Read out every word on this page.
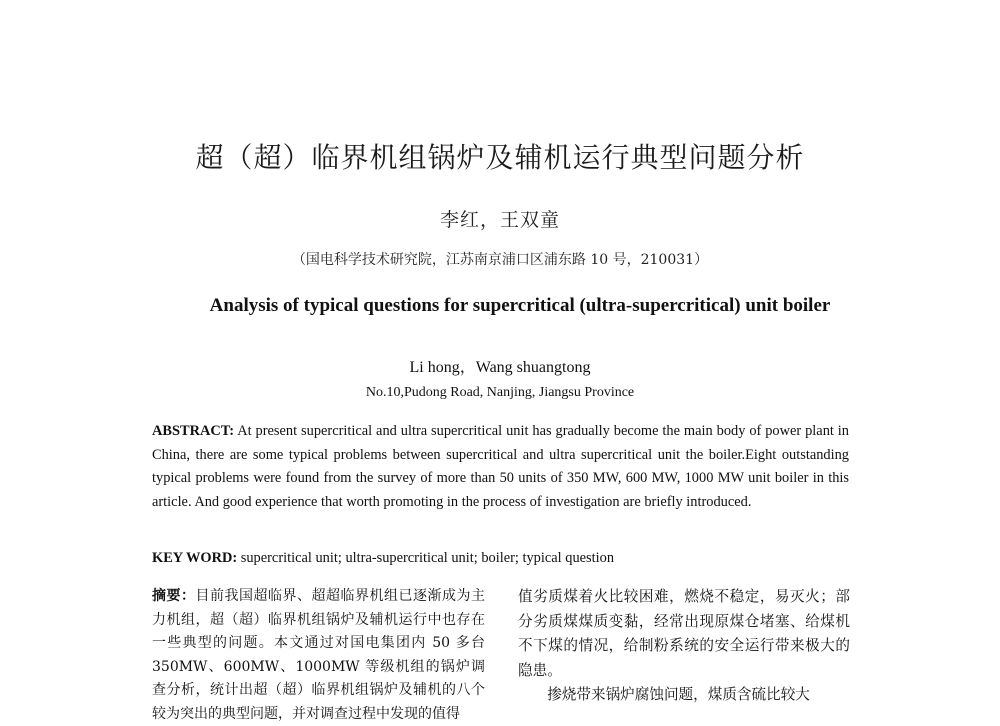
超（超）临界机组锅炉及辅机运行典型问题分析
李红，王双童
（国电科学技术研究院，江苏南京浦口区浦东路 10 号，210031）
Analysis of typical questions for supercritical (ultra-supercritical) unit boiler
Li hong，Wang shuangtong
No.10,Pudong Road, Nanjing, Jiangsu Province

ABSTRACT: At present supercritical and ultra supercritical unit has gradually become the main body of power plant in China, there are some typical problems between supercritical and ultra supercritical unit the boiler.Eight outstanding typical problems were found from the survey of more than 50 units of 350 MW, 600 MW, 1000 MW unit boiler in this article. And good experience that worth promoting in the process of investigation are briefly introduced.

KEY WORD: supercritical unit; ultra-supercritical unit; boiler; typical question

摘要：目前我国超临界、超超临界机组已逐渐成为主力机组，超（超）临界机组锅炉及辅机运行中也存在一些典型的问题。本文通过对国电集团内 50 多台 350MW、600MW、1000MW 等级机组的锅炉调查分析，统计出超（超）临界机组锅炉及辅机的八个较为突出的典型问题，并对调查过程中发现的值得

值劣质煤着火比较困难，燃烧不稳定，易灭火；部分劣质煤煤质变黏，经常出现原煤仓堵塞、给煤机不下煤的情况，给制粉系统的安全运行带来极大的隐患。
掺烧带来锅炉腐蚀问题，煤质含硫比较大
